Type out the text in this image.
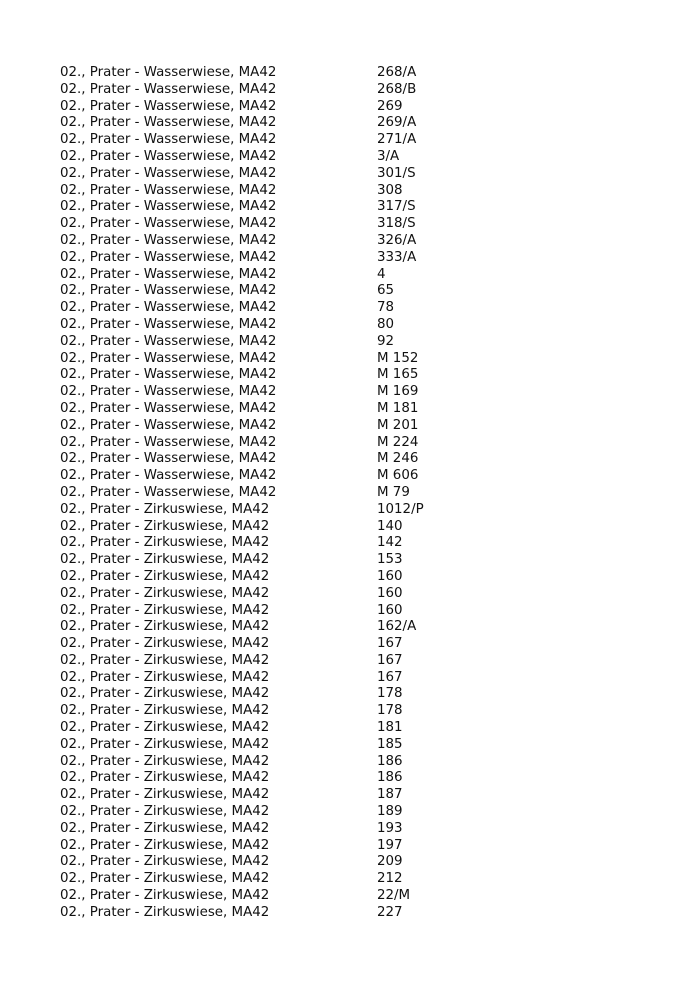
02., Prater - Wasserwiese, MA42	268/A
02., Prater - Wasserwiese, MA42	268/B
02., Prater - Wasserwiese, MA42	269
02., Prater - Wasserwiese, MA42	269/A
02., Prater - Wasserwiese, MA42	271/A
02., Prater - Wasserwiese, MA42	3/A
02., Prater - Wasserwiese, MA42	301/S
02., Prater - Wasserwiese, MA42	308
02., Prater - Wasserwiese, MA42	317/S
02., Prater - Wasserwiese, MA42	318/S
02., Prater - Wasserwiese, MA42	326/A
02., Prater - Wasserwiese, MA42	333/A
02., Prater - Wasserwiese, MA42	4
02., Prater - Wasserwiese, MA42	65
02., Prater - Wasserwiese, MA42	78
02., Prater - Wasserwiese, MA42	80
02., Prater - Wasserwiese, MA42	92
02., Prater - Wasserwiese, MA42	M 152
02., Prater - Wasserwiese, MA42	M 165
02., Prater - Wasserwiese, MA42	M 169
02., Prater - Wasserwiese, MA42	M 181
02., Prater - Wasserwiese, MA42	M 201
02., Prater - Wasserwiese, MA42	M 224
02., Prater - Wasserwiese, MA42	M 246
02., Prater - Wasserwiese, MA42	M 606
02., Prater - Wasserwiese, MA42	M 79
02., Prater - Zirkuswiese, MA42	1012/P
02., Prater - Zirkuswiese, MA42	140
02., Prater - Zirkuswiese, MA42	142
02., Prater - Zirkuswiese, MA42	153
02., Prater - Zirkuswiese, MA42	160
02., Prater - Zirkuswiese, MA42	160
02., Prater - Zirkuswiese, MA42	160
02., Prater - Zirkuswiese, MA42	162/A
02., Prater - Zirkuswiese, MA42	167
02., Prater - Zirkuswiese, MA42	167
02., Prater - Zirkuswiese, MA42	167
02., Prater - Zirkuswiese, MA42	178
02., Prater - Zirkuswiese, MA42	178
02., Prater - Zirkuswiese, MA42	181
02., Prater - Zirkuswiese, MA42	185
02., Prater - Zirkuswiese, MA42	186
02., Prater - Zirkuswiese, MA42	186
02., Prater - Zirkuswiese, MA42	187
02., Prater - Zirkuswiese, MA42	189
02., Prater - Zirkuswiese, MA42	193
02., Prater - Zirkuswiese, MA42	197
02., Prater - Zirkuswiese, MA42	209
02., Prater - Zirkuswiese, MA42	212
02., Prater - Zirkuswiese, MA42	22/M
02., Prater - Zirkuswiese, MA42	227
